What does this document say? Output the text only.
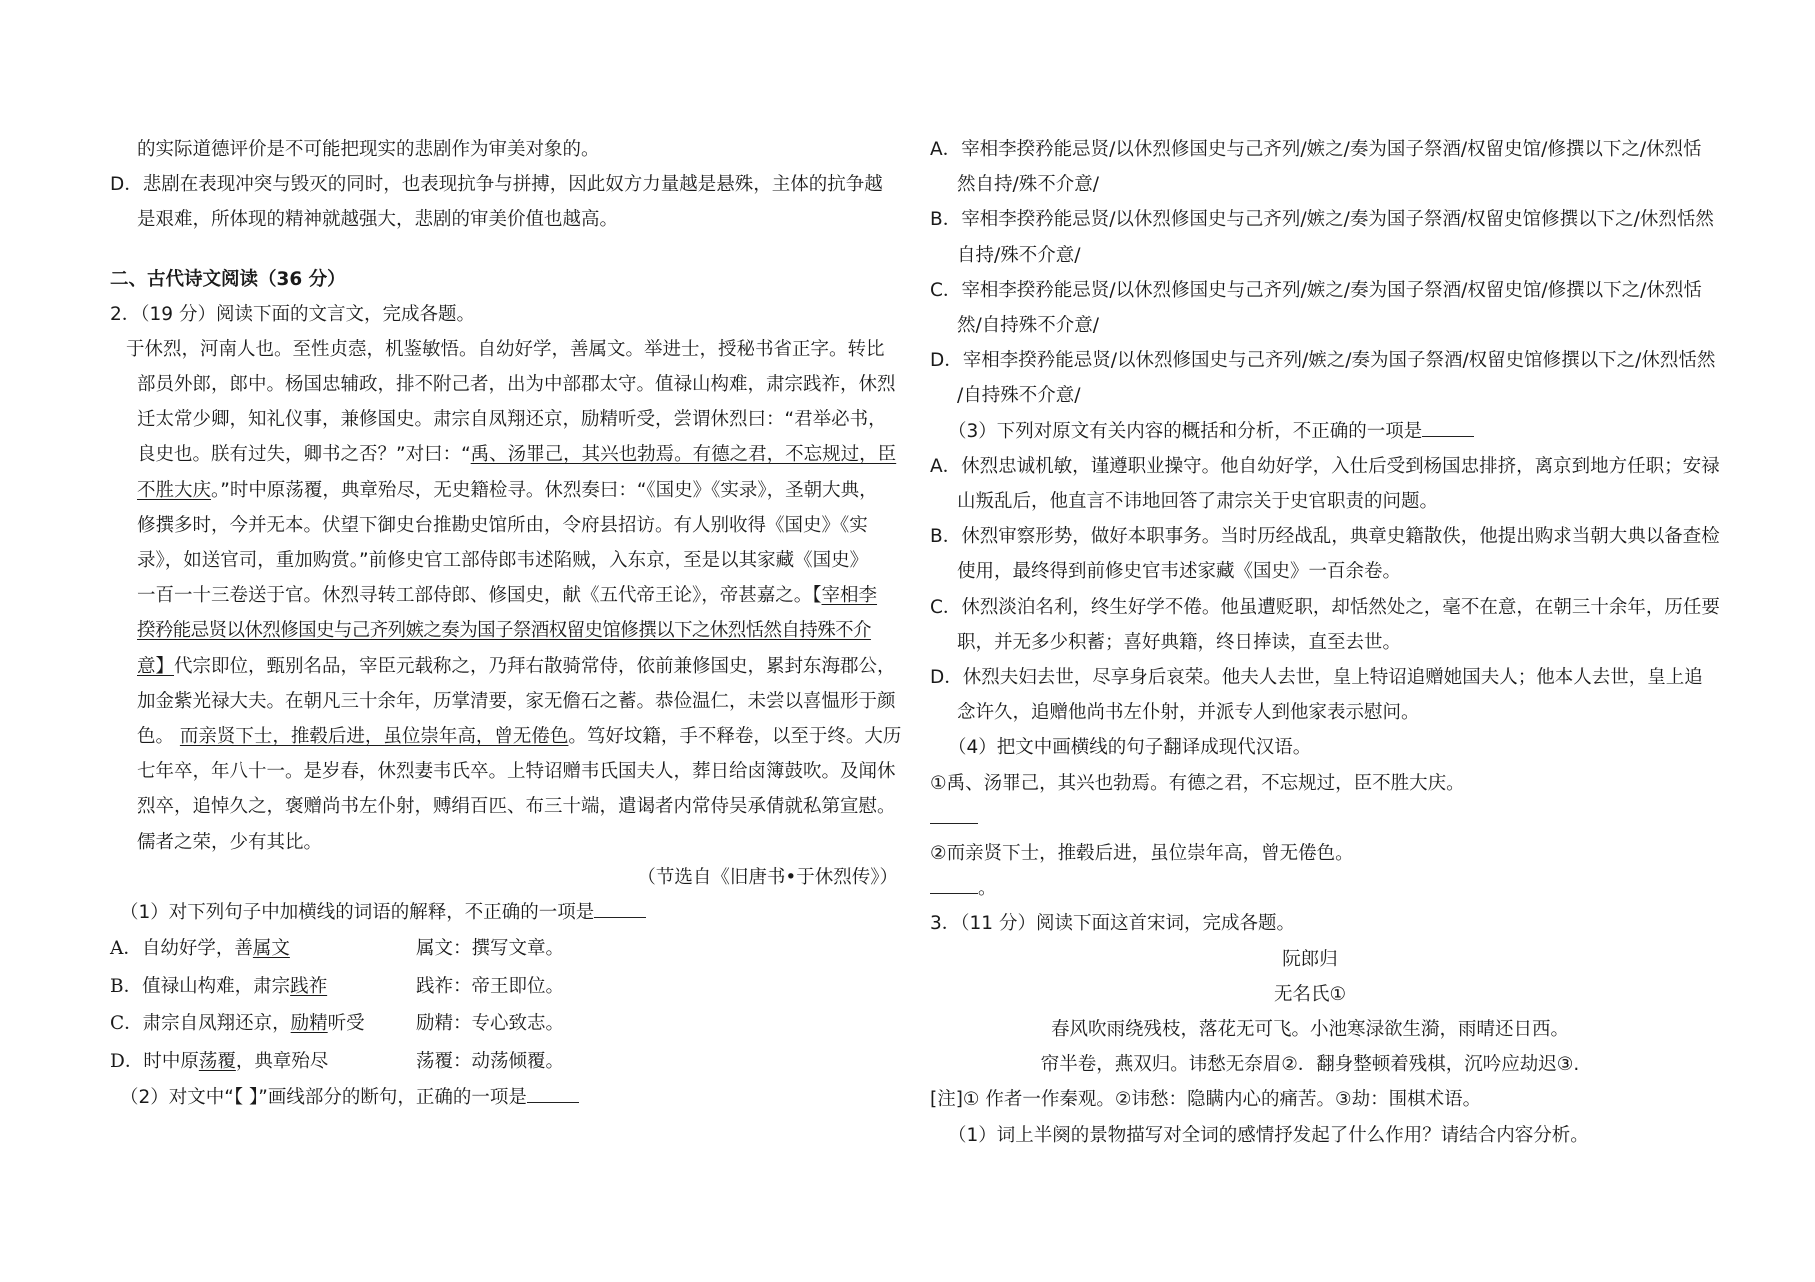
的实际道德评价是不可能把现实的悲剧作为审美对象的。
D．悲剧在表现冲突与毁灭的同时，也表现抗争与拼搏，因此奴方力量越是悬殊，主体的抗争越
是艰难，所体现的精神就越强大，悲剧的审美价值也越高。
二、古代诗文阅读（36 分）
2．（19 分）阅读下面的文言文，完成各题。
于休烈，河南人也。至性贞悫，机鉴敏悟。自幼好学，善属文。举进士，授秘书省正字。转比
部员外郎，郎中。杨国忠辅政，排不附己者，出为中部郡太守。值禄山构难，肃宗践祚，休烈
迁太常少卿，知礼仪事，兼修国史。肃宗自凤翔还京，励精听受，尝谓休烈曰：“君举必书，
良史也。朕有过失，卿书之否？”对曰：“禹、汤罪己，其兴也勃焉。有德之君，不忘规过，臣
不胜大庆。”时中原荡覆，典章殆尽，无史籍检寻。休烈奏曰：“《国史》《实录》，圣朝大典，
修撰多时，今并无本。伏望下御史台推勘史馆所由，令府县招访。有人别收得《国史》《实
录》，如送官司，重加购赏。”前修史官工部侍郎韦述陷贼，入东京，至是以其家藏《国史》
一百一十三卷送于官。休烈寻转工部侍郎、修国史，献《五代帝王论》，帝甚嘉之。【宰相李
揆矜能忌贤以休烈修国史与己齐列嫉之奏为国子祭酒权留史馆修撰以下之休烈恬然自持殊不介
意】代宗即位，甄别名品，宰臣元载称之，乃拜右散骑常侍，依前兼修国史，累封东海郡公，
加金紫光禄大夫。在朝凡三十余年，历掌清要，家无儋石之蓄。恭俭温仁，未尝以喜愠形于颜
色。 而亲贤下士，推毂后进，虽位崇年高，曾无倦色。笃好坟籍，手不释卷，以至于终。大历
七年卒，年八十一。是岁春，休烈妻韦氏卒。上特诏赠韦氏国夫人，葬日给卤簿鼓吹。及闻休
烈卒，追悼久之，褒赠尚书左仆射，赙绢百匹、布三十端，遣谒者内常侍吴承倩就私第宣慰。
儒者之荣，少有其比。
（节选自《旧唐书•于休烈传》）
（1）对下列句子中加横线的词语的解释，不正确的一项是
A．自幼好学，善属文	属文：撰写文章。
B．值禄山构难，肃宗践祚	践祚：帝王即位。
C．肃宗自凤翔还京，励精听受	励精：专心致志。
D．时中原荡覆，典章殆尽	荡覆：动荡倾覆。
（2）对文中“【 】”画线部分的断句，正确的一项是
A．宰相李揆矜能忌贤/以休烈修国史与己齐列/嫉之/奏为国子祭酒/权留史馆/修撰以下之/休烈恬
然自持/殊不介意/
B．宰相李揆矜能忌贤/以休烈修国史与己齐列/嫉之/奏为国子祭酒/权留史馆修撰以下之/休烈恬然
自持/殊不介意/
C．宰相李揆矜能忌贤/以休烈修国史与己齐列/嫉之/奏为国子祭酒/权留史馆/修撰以下之/休烈恬
然/自持殊不介意/
D．宰相李揆矜能忌贤/以休烈修国史与己齐列/嫉之/奏为国子祭酒/权留史馆修撰以下之/休烈恬然
/自持殊不介意/
（3）下列对原文有关内容的概括和分析，不正确的一项是
A．休烈忠诚机敏，谨遵职业操守。他自幼好学，入仕后受到杨国忠排挤，离京到地方任职；安禄
山叛乱后，他直言不讳地回答了肃宗关于史官职责的问题。
B．休烈审察形势，做好本职事务。当时历经战乱，典章史籍散佚，他提出购求当朝大典以备查检
使用，最终得到前修史官韦述家藏《国史》一百余卷。
C．休烈淡泊名利，终生好学不倦。他虽遭贬职，却恬然处之，毫不在意，在朝三十余年，历任要
职，并无多少积蓄；喜好典籍，终日捧读，直至去世。
D．休烈夫妇去世，尽享身后哀荣。他夫人去世，皇上特诏追赠她国夫人；他本人去世，皇上追
念许久，追赠他尚书左仆射，并派专人到他家表示慰问。
（4）把文中画横线的句子翻译成现代汉语。
①禹、汤罪己，其兴也勃焉。有德之君，不忘规过，臣不胜大庆。
②而亲贤下士，推毂后进，虽位崇年高，曾无倦色。
。
3．（11 分）阅读下面这首宋词，完成各题。
阮郎归
无名氏①
春风吹雨绕残枝，落花无可飞。小池寒渌欲生漪，雨晴还日西。
帘半卷，燕双归。讳愁无奈眉②．翻身整顿着残棋，沉吟应劫迟③.
[注]① 作者一作秦观。②讳愁：隐瞒内心的痛苦。③劫：围棋术语。
（1）词上半阕的景物描写对全词的感情抒发起了什么作用？请结合内容分析。
